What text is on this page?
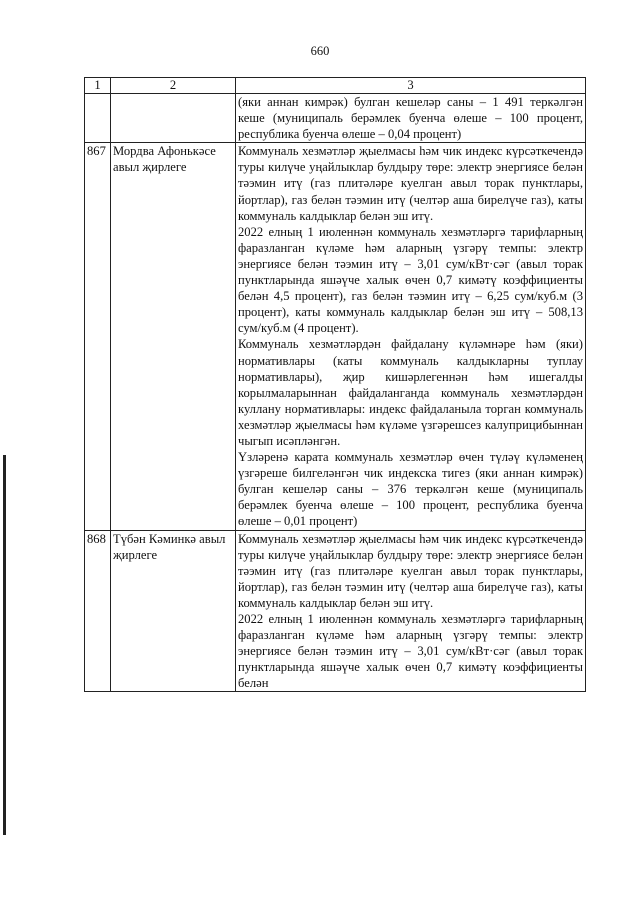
660
1	2	3

		(яки аннан кимрәк) булган кешеләр саны – 1 491 теркәлгән кеше (муниципаль берәмлек буенча өлеше – 100 процент, республика буенча өлеше – 0,04 процент)

867	Мордва Афонькәсе авыл җирлеге	Коммуналь хезмәтләр җыелмасы һәм чик индекс күрсәткечендә туры килүче уңайлыклар булдыру төре: электр энергиясе белән тәэмин итү (газ плитәләре куелган авыл торак пунктлары, йортлар), газ белән тәэмин итү (челтәр аша бирелүче газ), каты коммуналь калдыклар белән эш итү.

2022 елның 1 июленнән коммуналь хезмәтләргә тарифларның фаразланган күләме һәм аларның үзгәрү темпы: электр энергиясе белән тәэмин итү – 3,01 сум/кВт·сәг (авыл торак пунктларында яшәүче халык өчен 0,7 кимәтү коэффициенты белән 4,5 процент), газ белән тәэмин итү – 6,25 сум/куб.м (3 процент), каты коммуналь калдыклар белән эш итү – 508,13 сум/куб.м (4 процент).

Коммуналь хезмәтләрдән файдалану күләмнәре һәм (яки) нормативлары (каты коммуналь калдыкларны туплау нормативлары), җир кишәрлегеннән һәм ишегалды корылмаларыннан файдаланганда коммуналь хезмәтләрдән куллану нормативлары: индекс файдаланыла торган коммуналь хезмәтләр җыелмасы һәм күләме үзгәрешсез калуприцибыннан чыгып исәпләнгән.

Үзләренә карата коммуналь хезмәтләр өчен түләү күләменең үзгәреше билгеләнгән чик индекска тигез (яки аннан кимрәк) булган кешеләр саны – 376 теркәлгән кеше (муниципаль берәмлек буенча өлеше – 100 процент, республика буенча өлеше – 0,01 процент)

868	Түбән Кәминкә авыл җирлеге	Коммуналь хезмәтләр җыелмасы һәм чик индекс күрсәткечендә туры килүче уңайлыклар булдыру төре: электр энергиясе белән тәэмин итү (газ плитәләре куелган авыл торак пунктлары, йортлар), газ белән тәэмин итү (челтәр аша бирелүче газ), каты коммуналь калдыклар белән эш итү.

2022 елның 1 июленнән коммуналь хезмәтләргә тарифларның фаразланган күләме һәм аларның үзгәрү темпы: электр энергиясе белән тәэмин итү – 3,01 сум/кВт·сәг (авыл торак пунктларында яшәүче халык өчен 0,7 кимәтү коэффициенты белән
